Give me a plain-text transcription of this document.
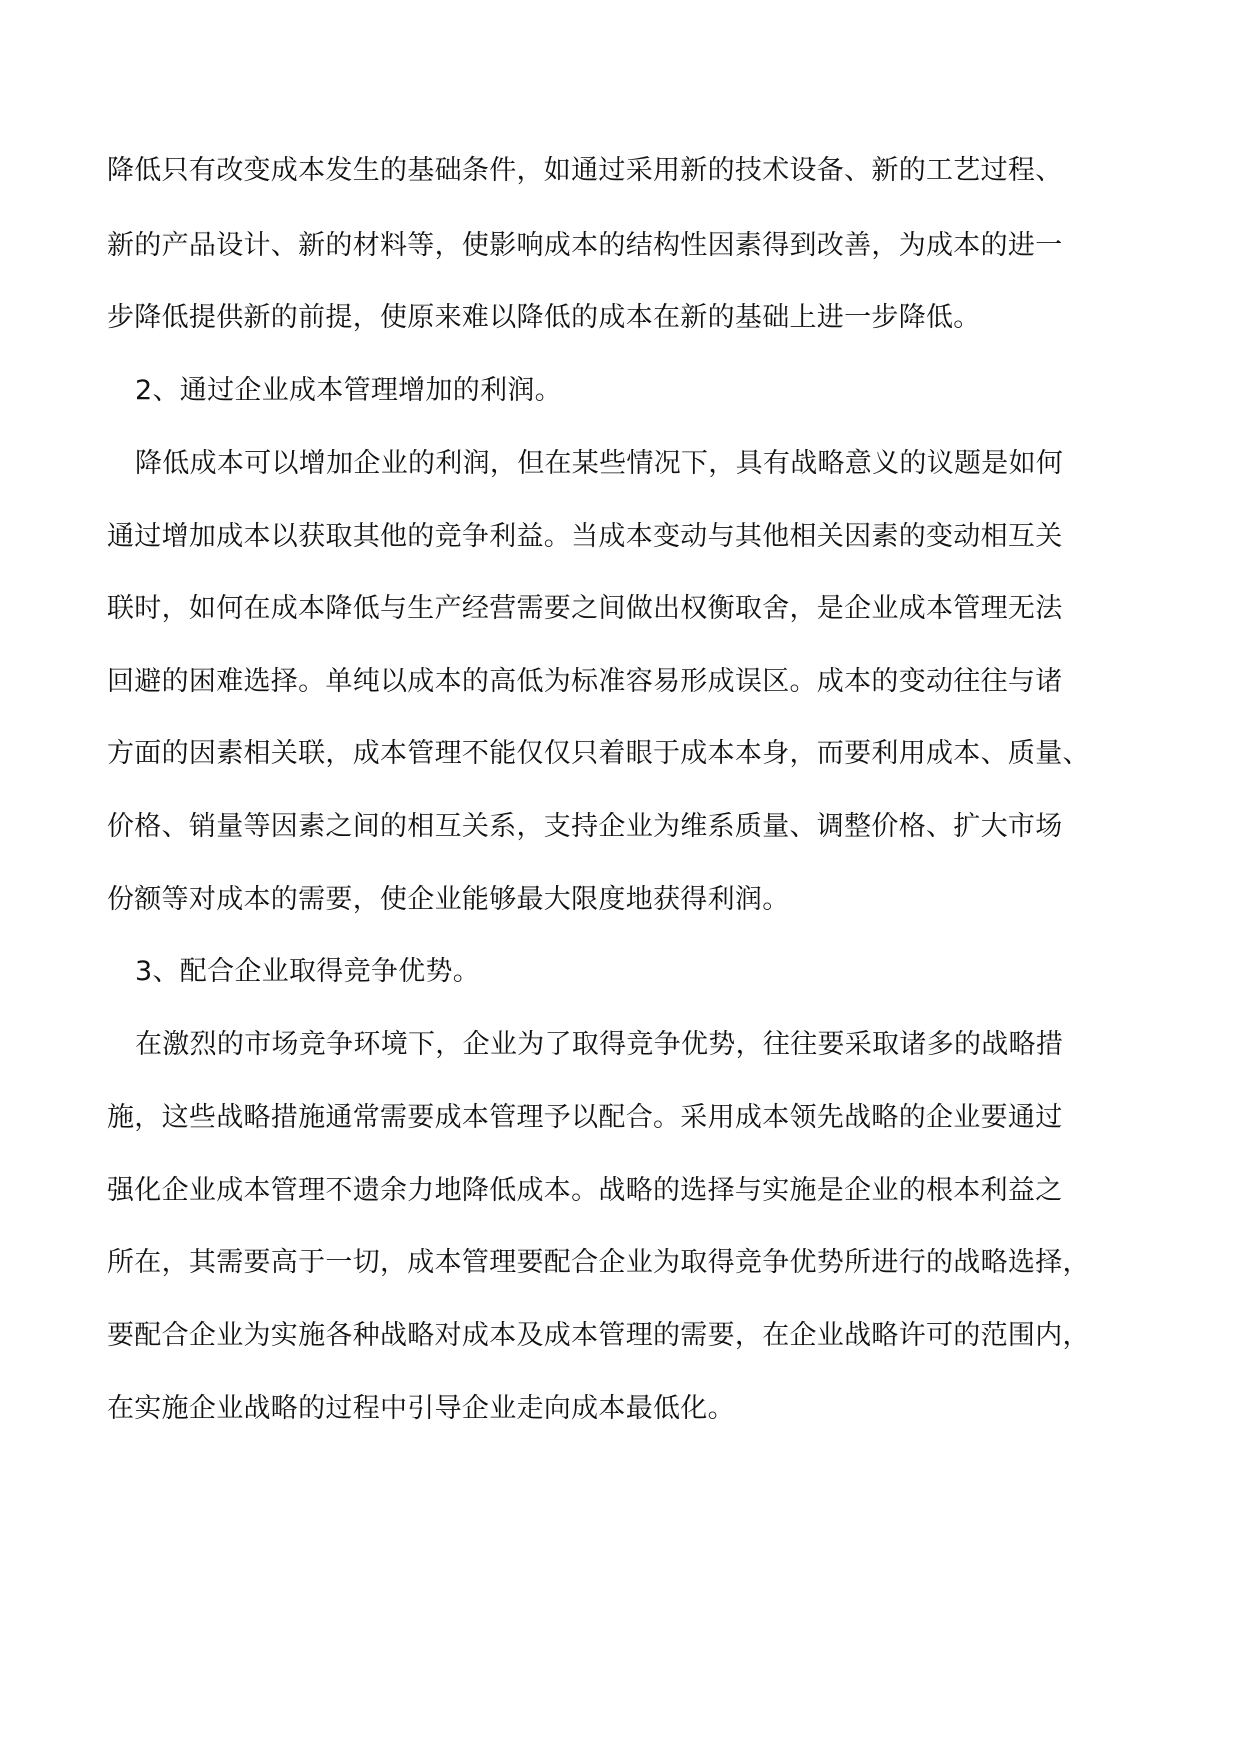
降低只有改变成本发生的基础条件，如通过采用新的技术设备、新的工艺过程、
新的产品设计、新的材料等，使影响成本的结构性因素得到改善，为成本的进一
步降低提供新的前提，使原来难以降低的成本在新的基础上进一步降低。
2、通过企业成本管理增加的利润。
降低成本可以增加企业的利润，但在某些情况下，具有战略意义的议题是如何
通过增加成本以获取其他的竞争利益。当成本变动与其他相关因素的变动相互关
联时，如何在成本降低与生产经营需要之间做出权衡取舍，是企业成本管理无法
回避的困难选择。单纯以成本的高低为标准容易形成误区。成本的变动往往与诸
方面的因素相关联，成本管理不能仅仅只着眼于成本本身，而要利用成本、质量、
价格、销量等因素之间的相互关系，支持企业为维系质量、调整价格、扩大市场
份额等对成本的需要，使企业能够最大限度地获得利润。
3、配合企业取得竞争优势。
在激烈的市场竞争环境下，企业为了取得竞争优势，往往要采取诸多的战略措
施，这些战略措施通常需要成本管理予以配合。采用成本领先战略的企业要通过
强化企业成本管理不遗余力地降低成本。战略的选择与实施是企业的根本利益之
所在，其需要高于一切，成本管理要配合企业为取得竞争优势所进行的战略选择，
要配合企业为实施各种战略对成本及成本管理的需要，在企业战略许可的范围内，
在实施企业战略的过程中引导企业走向成本最低化。
